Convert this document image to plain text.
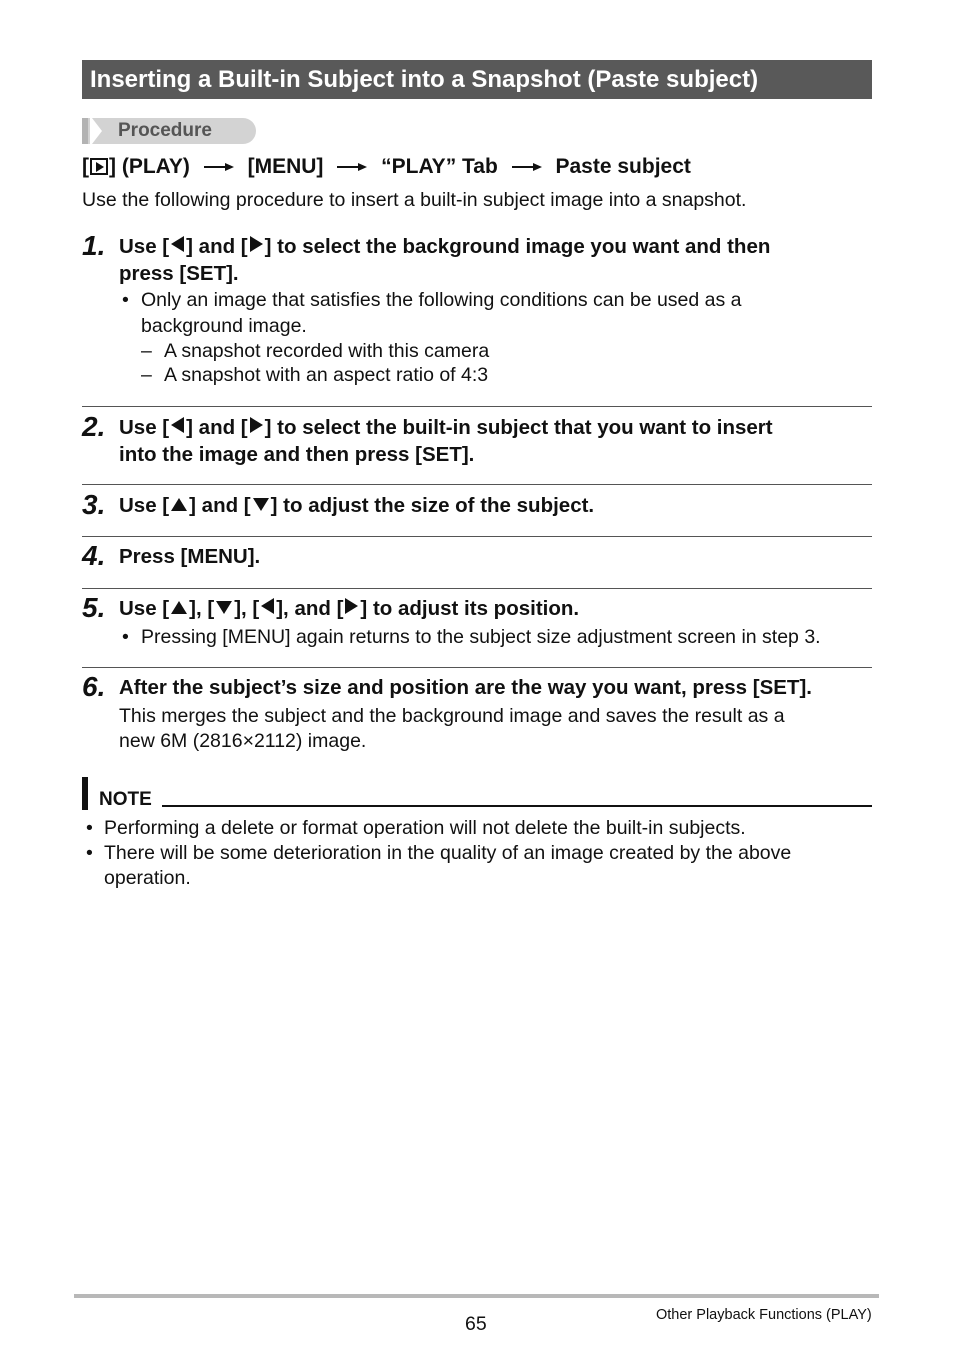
Inserting a Built-in Subject into a Snapshot (Paste subject)
Procedure
[ ] (PLAY)	[MENU]	“PLAY” Tab	Paste subject
Use the following procedure to insert a built-in subject image into a snapshot.
1. Use [ ] and [ ] to select the background image you want and then
press [SET].
• Only an image that satisfies the following conditions can be used as a
background image.
– A snapshot recorded with this camera
– A snapshot with an aspect ratio of 4:3
2. Use [ ] and [ ] to select the built-in subject that you want to insert
into the image and then press [SET].
3. Use [ ] and [ ] to adjust the size of the subject.
4. Press [MENU].
5. Use [ ], [ ], [ ], and [ ] to adjust its position.
• Pressing [MENU] again returns to the subject size adjustment screen in step 3.
6. After the subject’s size and position are the way you want, press [SET].
This merges the subject and the background image and saves the result as a
new 6M (2816×2112) image.
NOTE
• Performing a delete or format operation will not delete the built-in subjects.
• There will be some deterioration in the quality of an image created by the above
operation.
65	Other Playback Functions (PLAY)
